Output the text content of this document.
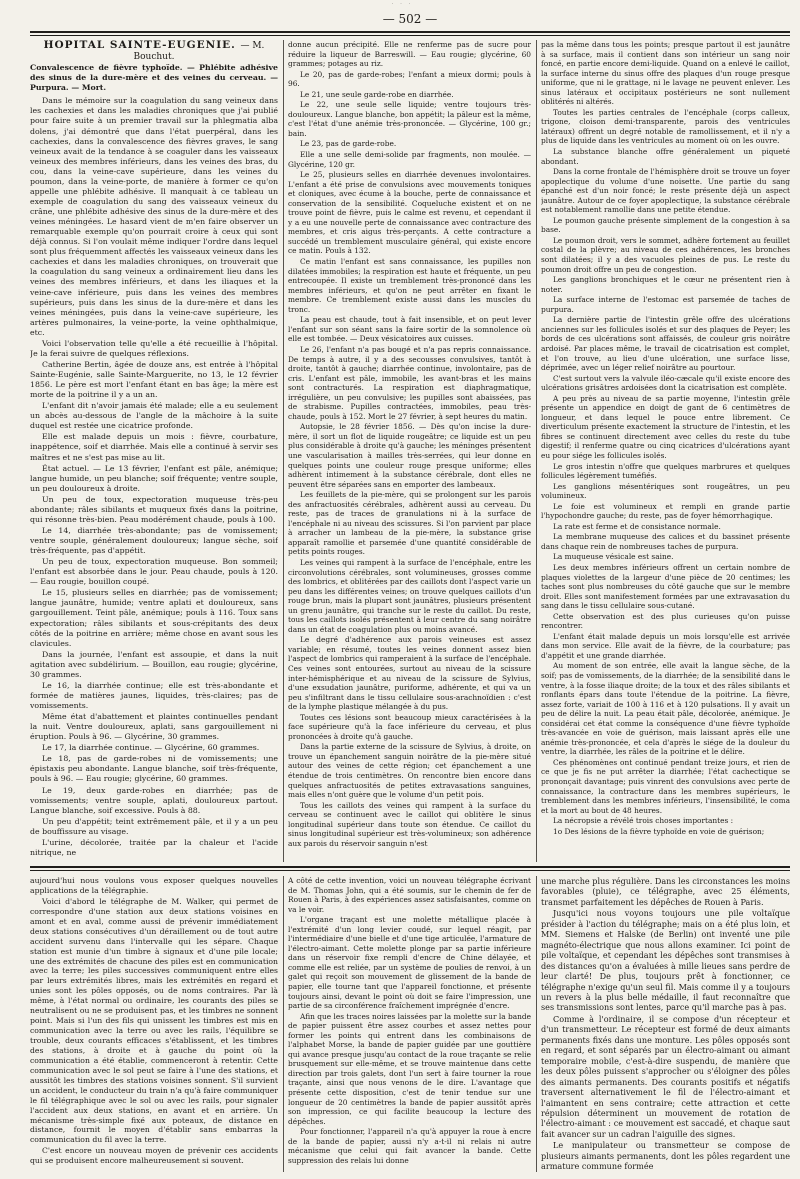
· · ·
— 502 —

HOPITAL SAINTE-EUGÉNIE. — M. Bouchut.

Convalescence de fièvre typhoïde. — Phlébite adhésive des sinus de la dure-mère et des veines du cerveau. — Purpura. — Mort.

Dans le mémoire sur la coagulation du sang veineux dans les cachexies et dans les maladies chroniques que j'ai publié pour faire suite à un premier travail sur la phlegmatia alba dolens, j'ai démontré que dans l'état puerpéral, dans les cachexies, dans la convalescence des fièvres graves, le sang veineux avait de la tendance à se coaguler dans les vaisseaux veineux des membres inférieurs, dans les veines des bras, du cou, dans la veine-cave supérieure, dans les veines du poumon, dans la veine-porte, de manière à former ce qu'on appelle une phlébite adhésive. Il manquait à ce tableau un exemple de coagulation du sang des vaisseaux veineux du crâne, une phlébite adhésive des sinus de la dure-mère et des veines méningées. Le hasard vient de m'en faire observer un remarquable exemple qu'on pourrait croire à ceux qui sont déjà connus. Si l'on voulait même indiquer l'ordre dans lequel sont plus fréquemment affectés les vaisseaux veineux dans les cachexies et dans les maladies chroniques, on trouverait que la coagulation du sang veineux a ordinairement lieu dans les veines des membres inférieurs, et dans les iliaques et la veine-cave inférieure, puis dans les veines des membres supérieurs, puis dans les sinus de la dure-mère et dans les veines méningées, puis dans la veine-cave supérieure, les artères pulmonaires, la veine-porte, la veine ophthalmique, etc.

Voici l'observation telle qu'elle a été recueillie à l'hôpital. Je la ferai suivre de quelques réflexions.

Catherine Bertin, âgée de douze ans, est entrée à l'hôpital Sainte-Eugénie, salle Sainte-Marguerite, no 13, le 12 février 1856. Le père est mort l'enfant étant en bas âge; la mère est morte de la poitrine il y a un an.

L'enfant dit n'avoir jamais été malade; elle a eu seulement un abcès au-dessous de l'angle de la mâchoire à la suite duquel est restée une cicatrice profonde.

Elle est malade depuis un mois : fièvre, courbature, inappétence, soif et diarrhée. Mais elle a continué à servir ses maîtres et ne s'est pas mise au lit.

État actuel. — Le 13 février, l'enfant est pâle, anémique; langue humide, un peu blanche; soif fréquente; ventre souple, un peu douloureux à droite.

Un peu de toux, expectoration muqueuse très-peu abondante; râles sibilants et muqueux fixés dans la poitrine, qui résonne très-bien. Peau modérément chaude, pouls à 100.

Le 14, diarrhée très-abondante; pas de vomissement; ventre souple, généralement douloureux; langue sèche, soif très-fréquente, pas d'appétit.

Un peu de toux, expectoration muqueuse. Bon sommeil; l'enfant est absorbée dans le jour. Peau chaude, pouls à 120. — Eau rougie, bouillon coupé.

Le 15, plusieurs selles en diarrhée; pas de vomissement; langue jaunâtre, humide; ventre aplati et douloureux, sans gargouillement. Teint pâle, anémique; pouls à 116. Toux sans expectoration; râles sibilants et sous-crépitants des deux côtés de la poitrine en arrière; même chose en avant sous les clavicules.

Dans la journée, l'enfant est assoupie, et dans la nuit agitation avec subdélirium. — Bouillon, eau rougie; glycérine, 30 grammes.

Le 16, la diarrhée continue; elle est très-abondante et formée de matières jaunes, liquides, très-claires; pas de vomissements.

Même état d'abattement et plaintes continuelles pendant la nuit. Ventre douloureux, aplati, sans gargouillement ni éruption. Pouls à 96. — Glycérine, 30 grammes.

Le 17, la diarrhée continue. — Glycérine, 60 grammes.

Le 18, pas de garde-robes ni de vomissements; une épistaxis peu abondante. Langue blanche, soif très-fréquente, pouls à 96. — Eau rougie; glycérine, 60 grammes.

Le 19, deux garde-robes en diarrhée; pas de vomissements; ventre souple, aplati, douloureux partout. Langue blanche, soif excessive. Pouls à 88.

Un peu d'appétit; teint extrêmement pâle, et il y a un peu de bouffissure au visage.

L'urine, décolorée, traitée par la chaleur et l'acide nitrique, ne

donne aucun précipité. Elle ne renferme pas de sucre pour réduire la liqueur de Barreswill. — Eau rougie; glycérine, 60 grammes; potages au riz.

Le 20, pas de garde-robes; l'enfant a mieux dormi; pouls à 96.

Le 21, une seule garde-robe en diarrhée.

Le 22, une seule selle liquide; ventre toujours très-douloureux. Langue blanche, bon appétit; la pâleur est la même, c'est l'état d'une anémie très-prononcée. — Glycérine, 100 gr.; bain.

Le 23, pas de garde-robe.

Elle a une selle demi-solide par fragments, non moulée. — Glycérine, 120 gr.

Le 25, plusieurs selles en diarrhée devenues involontaires. L'enfant a été prise de convulsions avec mouvements toniques et cloniques, avec écume à la bouche, perte de connaissance et conservation de la sensibilité. Coqueluche existent et on ne trouve point de fièvre, puis le calme est revenu, et cependant il y a eu une nouvelle perte de connaissance avec contracture des membres, et cris aigus très-perçants. A cette contracture a succédé un tremblement musculaire général, qui existe encore ce matin. Pouls à 132.

Ce matin l'enfant est sans connaissance, les pupilles non dilatées immobiles; la respiration est haute et fréquente, un peu entrecoupée. Il existe un tremblement très-prononcé dans les membres inférieurs, et qu'on ne peut arrêter en fixant le membre. Ce tremblement existe aussi dans les muscles du tronc.

La peau est chaude, tout à fait insensible, et on peut lever l'enfant sur son séant sans la faire sortir de la somnolence où elle est tombée. — Deux vésicatoires aux cuisses.

Le 26, l'enfant n'a pas bougé et n'a pas repris connaissance. De temps à autre, il y a des secousses convulsives, tantôt à droite, tantôt à gauche; diarrhée continue, involontaire, pas de cris. L'enfant est pâle, immobile, les avant-bras et les mains sont contracturés. La respiration est diaphragmatique, irrégulière, un peu convulsive; les pupilles sont abaissées, pas de strabisme. Pupilles contractées, immobiles, peau très-chaude, pouls à 152. Mort le 27 février, à sept heures du matin.

Autopsie, le 28 février 1856. — Dès qu'on incise la dure-mère, il sort un flot de liquide rougeâtre; ce liquide est un peu plus considérable à droite qu'à gauche; les méninges présentent une vascularisation à mailles très-serrées, qui leur donne en quelques points une couleur rouge presque uniforme; elles adhèrent intimement à la substance cérébrale, dont elles ne peuvent être séparées sans en emporter des lambeaux.

Les feuillets de la pie-mère, qui se prolongent sur les parois des anfractuosités cérébrales, adhèrent aussi au cerveau. Du reste, pas de traces de granulations ni à la surface de l'encéphale ni au niveau des scissures. Si l'on parvient par place à arracher un lambeau de la pie-mère, la substance grise apparaît ramollie et parsemée d'une quantité considérable de petits points rouges.

Les veines qui rampent à la surface de l'encéphale, entre les circonvolutions cérébrales, sont volumineuses, grosses comme des lombrics, et oblitérées par des caillots dont l'aspect varie un peu dans les différentes veines; on trouve quelques caillots d'un rouge brun, mais la plupart sont jaunâtres, plusieurs présentent un grenu jaunâtre, qui tranche sur le reste du caillot. Du reste, tous les caillots isolés présentent à leur centre du sang noirâtre dans un état de coagulation plus ou moins avancé.

Le degré d'adhérence aux parois veineuses est assez variable; en résumé, toutes les veines donnent assez bien l'aspect de lombrics qui ramperaient à la surface de l'encéphale. Ces veines sont entourées, surtout au niveau de la scissure inter-hémisphérique et au niveau de la scissure de Sylvius, d'une exsudation jaunâtre, puriforme, adhérente, et qui va un peu s'infiltrant dans le tissu cellulaire sous-arachnoïdien : c'est de la lymphe plastique mélangée à du pus.

Toutes ces lésions sont beaucoup mieux caractérisées à la face supérieure qu'à la face inférieure du cerveau, et plus prononcées à droite qu'à gauche.

Dans la partie externe de la scissure de Sylvius, à droite, on trouve un épanchement sanguin noirâtre de la pie-mère situé autour des veines de cette région; cet épanchement a une étendue de trois centimètres. On rencontre bien encore dans quelques anfractuosités de petites extravasations sanguines, mais elles n'ont guère que le volume d'un petit pois.

Tous les caillots des veines qui rampent à la surface du cerveau se continuent avec le caillot qui oblitère le sinus longitudinal supérieur dans toute son étendue. Ce caillot du sinus longitudinal supérieur est très-volumineux; son adhérence aux parois du réservoir sanguin n'est

pas la même dans tous les points; presque partout il est jaunâtre à sa surface, mais il contient dans son intérieur un sang noir foncé, en partie encore demi-liquide. Quand on a enlevé le caillot, la surface interne du sinus offre des plaques d'un rouge presque uniforme, que ni le grattage, ni le lavage ne peuvent enlever. Les sinus latéraux et occipitaux postérieurs ne sont nullement oblitérés ni altérés.

Toutes les parties centrales de l'encéphale (corps calleux, trigone, cloison demi-transparente, parois des ventricules latéraux) offrent un degré notable de ramollissement, et il n'y a plus de liquide dans les ventricules au moment où on les ouvre.

La substance blanche offre généralement un piqueté abondant.

Dans la corne frontale de l'hémisphère droit se trouve un foyer apoplectique du volume d'une noisette. Une partie du sang épanché est d'un noir foncé; le reste présente déjà un aspect jaunâtre. Autour de ce foyer apoplectique, la substance cérébrale est notablement ramollie dans une petite étendue.

Le poumon gauche présente simplement de la congestion à sa base.

Le poumon droit, vers le sommet, adhère fortement au feuillet costal de la plèvre; au niveau de ces adhérences, les bronches sont dilatées; il y a des vacuoles pleines de pus. Le reste du poumon droit offre un peu de congestion.

Les ganglions bronchiques et le cœur ne présentent rien à noter.

La surface interne de l'estomac est parsemée de taches de purpura.

La dernière partie de l'intestin grêle offre des ulcérations anciennes sur les follicules isolés et sur des plaques de Peyer; les bords de ces ulcérations sont affaissés, de couleur gris noirâtre ardoisé. Par places même, le travail de cicatrisation est complet, et l'on trouve, au lieu d'une ulcération, une surface lisse, déprimée, avec un léger relief noirâtre au pourtour.

C'est surtout vers la valvule iléo-cæcale qu'il existe encore des ulcérations grisâtres ardoisées dont la cicatrisation est complète.

A peu près au niveau de sa partie moyenne, l'intestin grêle présente un appendice en doigt de gant de 6 centimètres de longueur, et dans lequel le pouce entre librement. Ce diverticulum présente exactement la structure de l'intestin, et les fibres se continuent directement avec celles du reste du tube digestif; il renferme quatre ou cinq cicatrices d'ulcérations ayant eu pour siége les follicules isolés.

Le gros intestin n'offre que quelques marbrures et quelques follicules légèrement tuméfiés.

Les ganglions mésentériques sont rougeâtres, un peu volumineux.

Le foie est volumineux et rempli en grande partie l'hypochondre gauche; du reste, pas de foyer hémorrhagique.

La rate est ferme et de consistance normale.

La membrane muqueuse des calices et du bassinet présente dans chaque rein de nombreuses taches de purpura.

La muqueuse vésicale est saine.

Les deux membres inférieurs offrent un certain nombre de plaques violettes de la largeur d'une pièce de 20 centimes; les taches sont plus nombreuses du côté gauche que sur le membre droit. Elles sont manifestement formées par une extravasation du sang dans le tissu cellulaire sous-cutané.

Cette observation est des plus curieuses qu'on puisse rencontrer.

L'enfant était malade depuis un mois lorsqu'elle est arrivée dans mon service. Elle avait de la fièvre, de la courbature; pas d'appétit et une grande diarrhée.

Au moment de son entrée, elle avait la langue sèche, de la soif; pas de vomissements, de la diarrhée; de la sensibilité dans le ventre, à la fosse iliaque droite; de la toux et des râles sibilants et ronflants épars dans toute l'étendue de la poitrine. La fièvre, assez forte, variait de 100 à 116 et à 120 pulsations. Il y avait un peu de délire la nuit. La peau était pâle, décolorée, anémique. Je considérai cet état comme la conséquence d'une fièvre typhoïde très-avancée en voie de guérison, mais laissant après elle une anémie très-prononcée, et cela d'après le siége de la douleur du ventre, la diarrhée, les râles de la poitrine et le délire.

Ces phénomènes ont continué pendant treize jours, et rien de ce que je fis ne put arrêter la diarrhée; l'état cachectique se prononçait davantage; puis vinrent des convulsions avec perte de connaissance, la contracture dans les membres supérieurs, le tremblement dans les membres inférieurs, l'insensibilité, le coma et la mort au bout de 48 heures.

La nécropsie a révélé trois choses importantes :

1o Des lésions de la fièvre typhoïde en voie de guérison;

aujourd'hui nous voulons vous exposer quelques nouvelles applications de la télégraphie.

Voici d'abord le télégraphe de M. Walker, qui permet de correspondre d'une station aux deux stations voisines en amont et en aval, comme aussi de prévenir immédiatement deux stations consécutives d'un déraillement ou de tout autre accident survenu dans l'intervalle qui les sépare. Chaque station est munie d'un timbre à signaux et d'une pile locale; une des extrémités de chacune des piles est en communication avec la terre; les piles successives communiquent entre elles par leurs extrémités libres, mais les extrémités en regard et unies sont les pôles opposés, ou de noms contraires. Par là même, à l'état normal ou ordinaire, les courants des piles se neutralisent ou ne se produisent pas, et les timbres ne sonnent point. Mais si l'un des fils qui unissent les timbres est mis en communication avec la terre ou avec les rails, l'équilibre se trouble, deux courants efficaces s'établissent, et les timbres des stations, à droite et à gauche du point où la communication a été établie, commenceront à retentir. Cette communication avec le sol peut se faire à l'une des stations, et aussitôt les timbres des stations voisines sonnent. S'il survient un accident, le conducteur du train n'a qu'à faire communiquer le fil télégraphique avec le sol ou avec les rails, pour signaler l'accident aux deux stations, en avant et en arrière. Un mécanisme très-simple fixé aux poteaux, de distance en distance, fournit le moyen d'établir sans embarras la communication du fil avec la terre.

C'est encore un nouveau moyen de prévenir ces accidents qui se produisent encore malheureusement si souvent.

A côté de cette invention, voici un nouveau télégraphe écrivant de M. Thomas John, qui a été soumis, sur le chemin de fer de Rouen à Paris, à des expériences assez satisfaisantes, comme on va le voir.

L'organe traçant est une molette métallique placée à l'extrémité d'un long levier coudé, sur lequel réagit, par l'intermédiaire d'une bielle et d'une tige articulée, l'armature de l'électro-aimant. Cette molette plonge par sa partie inférieure dans un réservoir fixe rempli d'encre de Chine délayée, et comme elle est reliée, par un système de poulies de renvoi, à un galet qui reçoit son mouvement de glissement de la bande de papier, elle tourne tant que l'appareil fonctionne, et présente toujours ainsi, devant le point où doit se faire l'impression, une partie de sa circonférence fraîchement imprégnée d'encre.

Afin que les traces noires laissées par la molette sur la bande de papier puissent être assez courbes et assez nettes pour former les points qui entrent dans les combinaisons de l'alphabet Morse, la bande de papier guidée par une gouttière qui avance presque jusqu'au contact de la roue traçante se relie brusquement sur elle-même, et se trouve maintenue dans cette direction par trois galets, dont l'un sert à faire tourner la roue traçante, ainsi que nous venons de le dire. L'avantage que présente cette disposition, c'est de tenir tendue sur une longueur de 20 centimètres la bande de papier aussitôt après son impression, ce qui facilite beaucoup la lecture des dépêches.

Pour fonctionner, l'appareil n'a qu'à appuyer la roue à encre de la bande de papier, aussi n'y a-t-il ni relais ni autre mécanisme que celui qui fait avancer la bande. Cette suppression des relais lui donne

une marche plus régulière. Dans les circonstances les moins favorables (pluie), ce télégraphe, avec 25 éléments, transmet parfaitement les dépêches de Rouen à Paris.

Jusqu'ici nous voyons toujours une pile voltaïque présider à l'action du télégraphe; mais on a été plus loin, et MM. Siemens et Halske (de Berlin) ont inventé une pile magnéto-électrique que nous allons examiner. Ici point de pile voltaïque, et cependant les dépêches sont transmises à des distances qu'on a évaluées à mille lieues sans perdre de leur clarté! De plus, toujours prêt à fonctionner, ce télégraphe n'exige qu'un seul fil. Mais comme il y a toujours un revers à la plus belle médaille, il faut reconnaître que ses transmissions sont lentes, parce qu'il marche pas à pas.

Comme à l'ordinaire, il se compose d'un récepteur et d'un transmetteur. Le récepteur est formé de deux aimants permanents fixés dans une monture. Les pôles opposés sont en regard, et sont séparés par un électro-aimant ou aimant temporaire mobile, c'est-à-dire suspendu, de manière que les deux pôles puissent s'approcher ou s'éloigner des pôles des aimants permanents. Des courants positifs et négatifs traversent alternativement le fil de l'électro-aimant et l'aimantent en sens contraire; cette attraction et cette répulsion déterminent un mouvement de rotation de l'électro-aimant : ce mouvement est saccadé, et chaque saut fait avancer sur un cadran l'aiguille des signes.

Le manipulateur ou transmetteur se compose de plusieurs aimants permanents, dont les pôles regardent une armature commune formée
